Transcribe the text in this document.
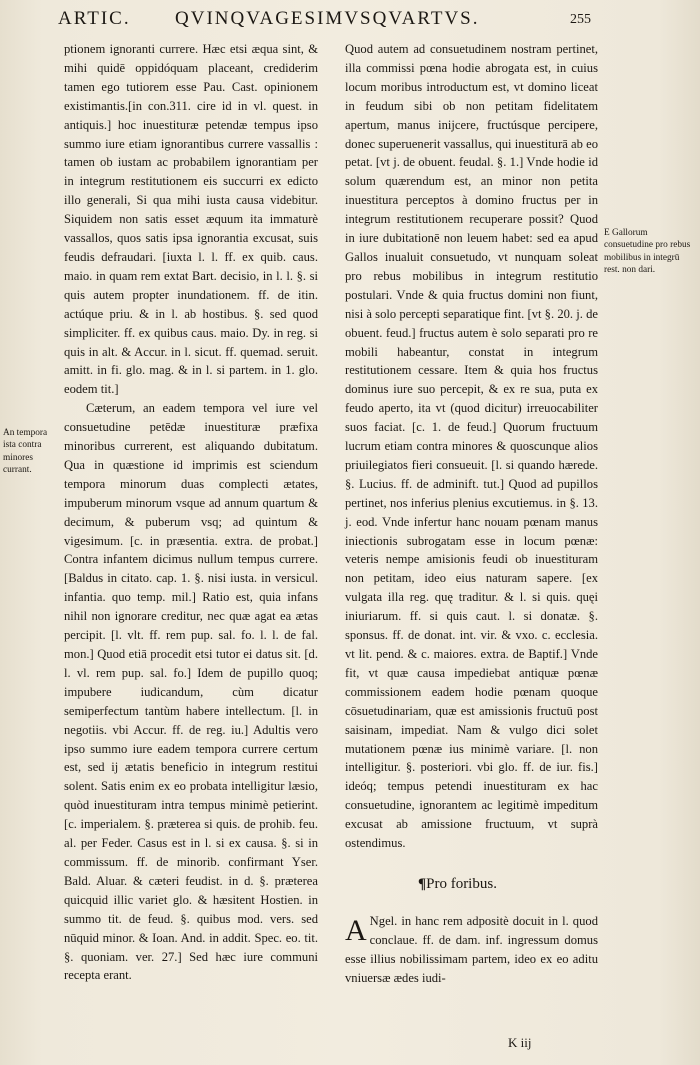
ARTIC. QVINQVAGESIMVSQVARTVS.	255
An tempora ista contra minores currant.

ptionem ignoranti currere. Hæc etsi æqua sint, & mihi quidē oppidóquam placeant, crediderim tamen ego tutiorem esse Pau. Cast. opinionem existimantis.[in con.311. cire id in vl. quest. in antiquis.] hoc inuestituræ petendæ tempus ipso summo iure etiam ignorantibus currere vassallis : tamen ob iustam ac probabilem ignorantiam per in integrum restitutionem eis succurri ex edicto illo generali, Si qua mihi iusta causa videbitur. Siquidem non satis esset æquum ita immaturè vassallos, quos satis ipsa ignorantia excusat, suis feudis defraudari. [iuxta l. l. ff. ex quib. caus. maio. in quam rem extat Bart. decisio, in l. l. §. si quis autem propter inundationem. ff. de itin. actúque priu. & in l. ab hostibus. §. sed quod simpliciter. ff. ex quibus caus. maio. Dy. in reg. si quis in alt. & Accur. in l. sicut. ff. quemad. seruit. amitt. in fi. glo. mag. & in l. si partem. in 1. glo. eodem tit.]

Cæterum, an eadem tempora vel iure vel consuetudine petēdæ inuestituræ præfixa minoribus currerent, est aliquando dubitatum. Qua in quæstione id imprimis est sciendum tempora minorum duas complecti ætates, impuberum minorum vsque ad annum quartum & decimum, & puberum vsq; ad quintum & vigesimum. [c. in præsentia. extra. de probat.] Contra infantem dicimus nullum tempus currere. [Baldus in citato. cap. 1. §. nisi iusta. in versicul. infantia. quo temp. mil.] Ratio est, quia infans nihil non ignorare creditur, nec quæ agat ea ætas percipit. [l. vlt. ff. rem pup. sal. fo. l. l. de fal. mon.] Quod etiā procedit etsi tutor ei datus sit. [d. l. vl. rem pup. sal. fo.] Idem de pupillo quoq; impubere iudicandum, cùm dicatur semiperfectum tantùm habere intellectum. [l. in negotiis. vbi Accur. ff. de reg. iu.] Adultis vero ipso summo iure eadem tempora currere certum est, sed ij ætatis beneficio in integrum restitui solent. Satis enim ex eo probata intelligitur læsio, quòd inuestituram intra tempus minimè petierint. [c. imperialem. §. præterea si quis. de prohib. feu. al. per Feder. Casus est in l. si ex causa. §. si in commissum. ff. de minorib. confirmant Yser. Bald. Aluar. & cæteri feudist. in d. §. præterea quicquid illic variet glo. & hæsitent Hostien. in summo tit. de feud. §. quibus mod. vers. sed nūquid minor. & Ioan. And. in addit. Spec. eo. tit. §. quoniam. ver. 27.] Sed hæc iure communi recepta erant.

Quod autem ad consuetudinem nostram pertinet, illa commissi pœna hodie abrogata est, in cuius locum moribus introductum est, vt domino liceat in feudum sibi ob non petitam fidelitatem apertum, manus inijcere, fructúsque percipere, donec superuenerit vassallus, qui inuestiturā ab eo petat. [vt j. de obuent. feudal. §. 1.] Vnde hodie id solum quærendum est, an minor non petita inuestitura perceptos à domino fructus per in integrum restitutionem recuperare possit? Quod in iure dubitationē non leuem habet: sed ea apud Gallos inualuit consuetudo, vt nunquam soleat pro rebus mobilibus in integrum restitutio postulari. Vnde & quia fructus domini non fiunt, nisi à solo percepti separatique fint. [vt §. 20. j. de obuent. feud.] fructus autem è solo separati pro re mobili habeantur, constat in integrum restitutionem cessare. Item & quia hos fructus dominus iure suo percepit, & ex re sua, puta ex feudo aperto, ita vt (quod dicitur) irreuocabiliter suos faciat. [c. 1. de feud.] Quorum fructuum lucrum etiam contra minores & quoscunque alios priuilegiatos fieri consueuit. [l. si quando hærede. §. Lucius. ff. de adminift. tut.] Quod ad pupillos pertinet, nos inferius plenius excutiemus. in §. 13. j. eod. Vnde infertur hanc nouam pœnam manus iniectionis subrogatam esse in locum pœnæ: veteris nempe amisionis feudi ob inuestituram non petitam, ideo eius naturam sapere. [ex vulgata illa reg. quę traditur. & l. si quis. quęi iniuriarum. ff. si quis caut. l. si donatæ. §. sponsus. ff. de donat. int. vir. & vxo. c. ecclesia. vt lit. pend. & c. maiores. extra. de Baptif.] Vnde fit, vt quæ causa impediebat antiquæ pœnæ commissionem eadem hodie pœnam quoque cōsuetudinariam, quæ est amissionis fructuū post saisinam, impediat. Nam & vulgo dici solet mutationem pœnæ ius minimè variare. [l. non intelligitur. §. posteriori. vbi glo. ff. de iur. fis.] ideóq; tempus petendi inuestituram ex hac consuetudine, ignorantem ac legitimè impeditum excusat ab amissione fructuum, vt suprà ostendimus.

E Gallorum consuetudine pro rebus mobilibus in integrū rest. non dari.
¶Pro foribus.
A Ngel. in hanc rem adpositè docuit in l. quod conclaue. ff. de dam. inf. ingressum domus esse illius nobilissimam partem, ideo ex eo aditu vniuersæ ædes iudi-
K iij
